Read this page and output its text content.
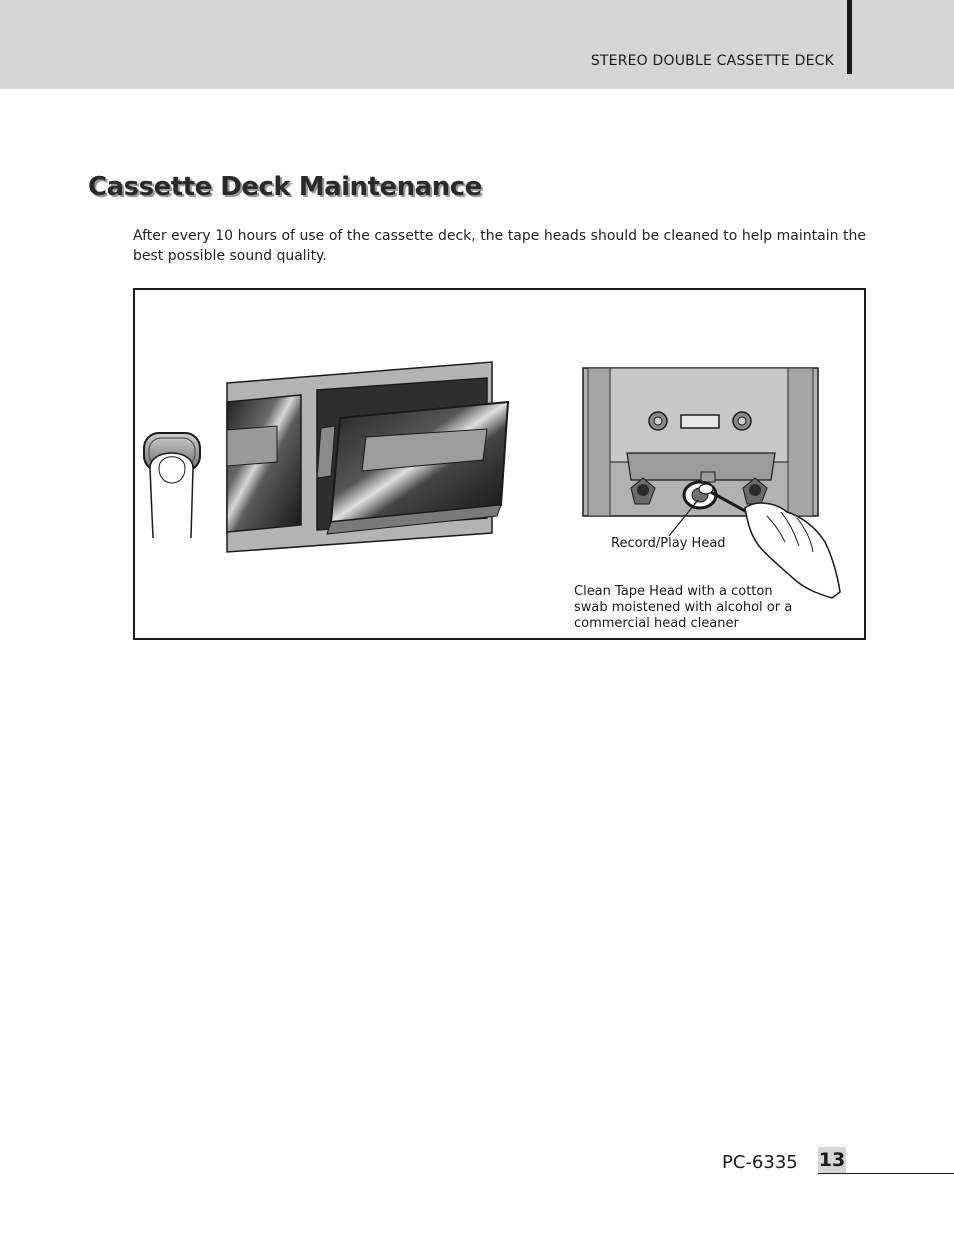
STEREO DOUBLE CASSETTE DECK
Cassette Deck Maintenance

After every 10 hours of use of the cassette deck, the tape heads should be cleaned to help maintain the best possible sound quality.

Record/Play Head
Clean Tape Head with a cotton swab moistened with alcohol or a commercial head cleaner
PC-6335 13
